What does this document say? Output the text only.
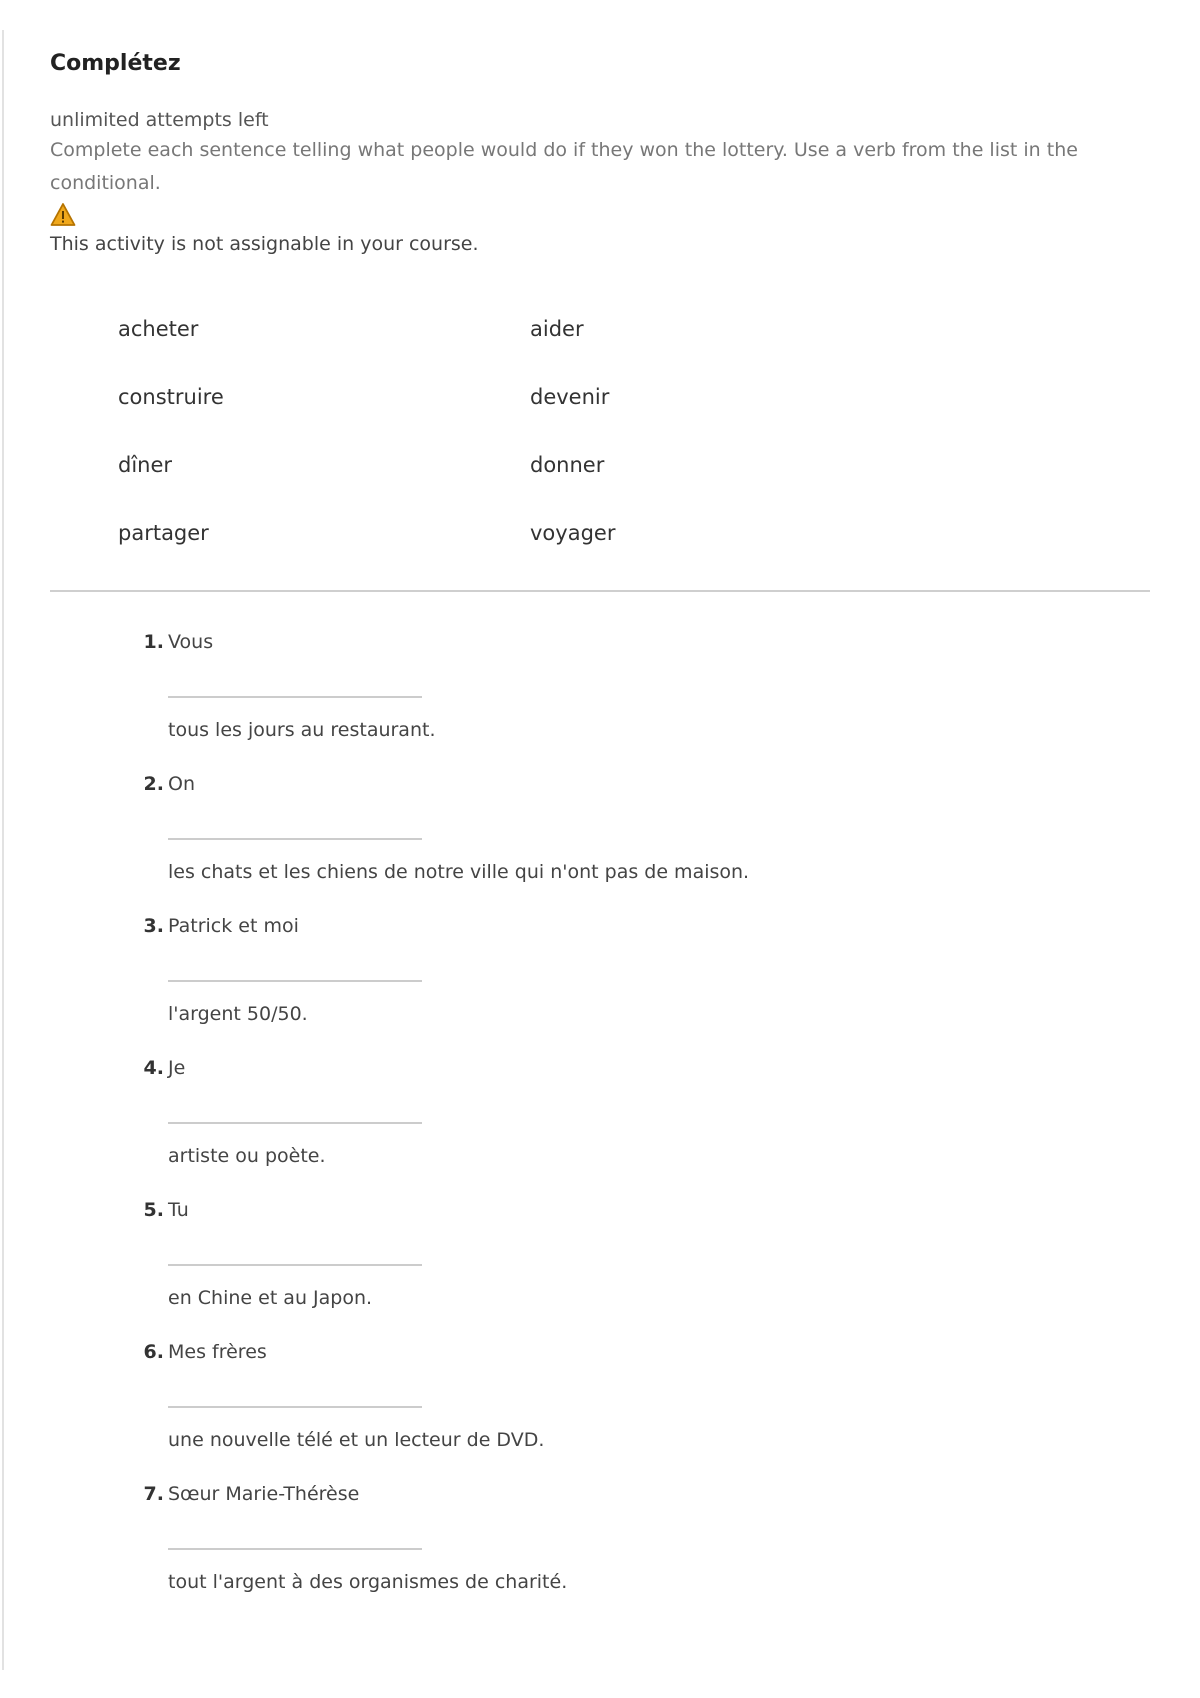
Complétez
unlimited attempts left
Complete each sentence telling what people would do if they won the lottery. Use a verb from the list in the conditional.
This activity is not assignable in your course.
acheter	aider
construire	devenir
dîner	donner
partager	voyager
1. Vous
tous les jours au restaurant.
2. On
les chats et les chiens de notre ville qui n'ont pas de maison.
3. Patrick et moi
l'argent 50/50.
4. Je
artiste ou poète.
5. Tu
en Chine et au Japon.
6. Mes frères
une nouvelle télé et un lecteur de DVD.
7. Sœur Marie-Thérèse
tout l'argent à des organismes de charité.
